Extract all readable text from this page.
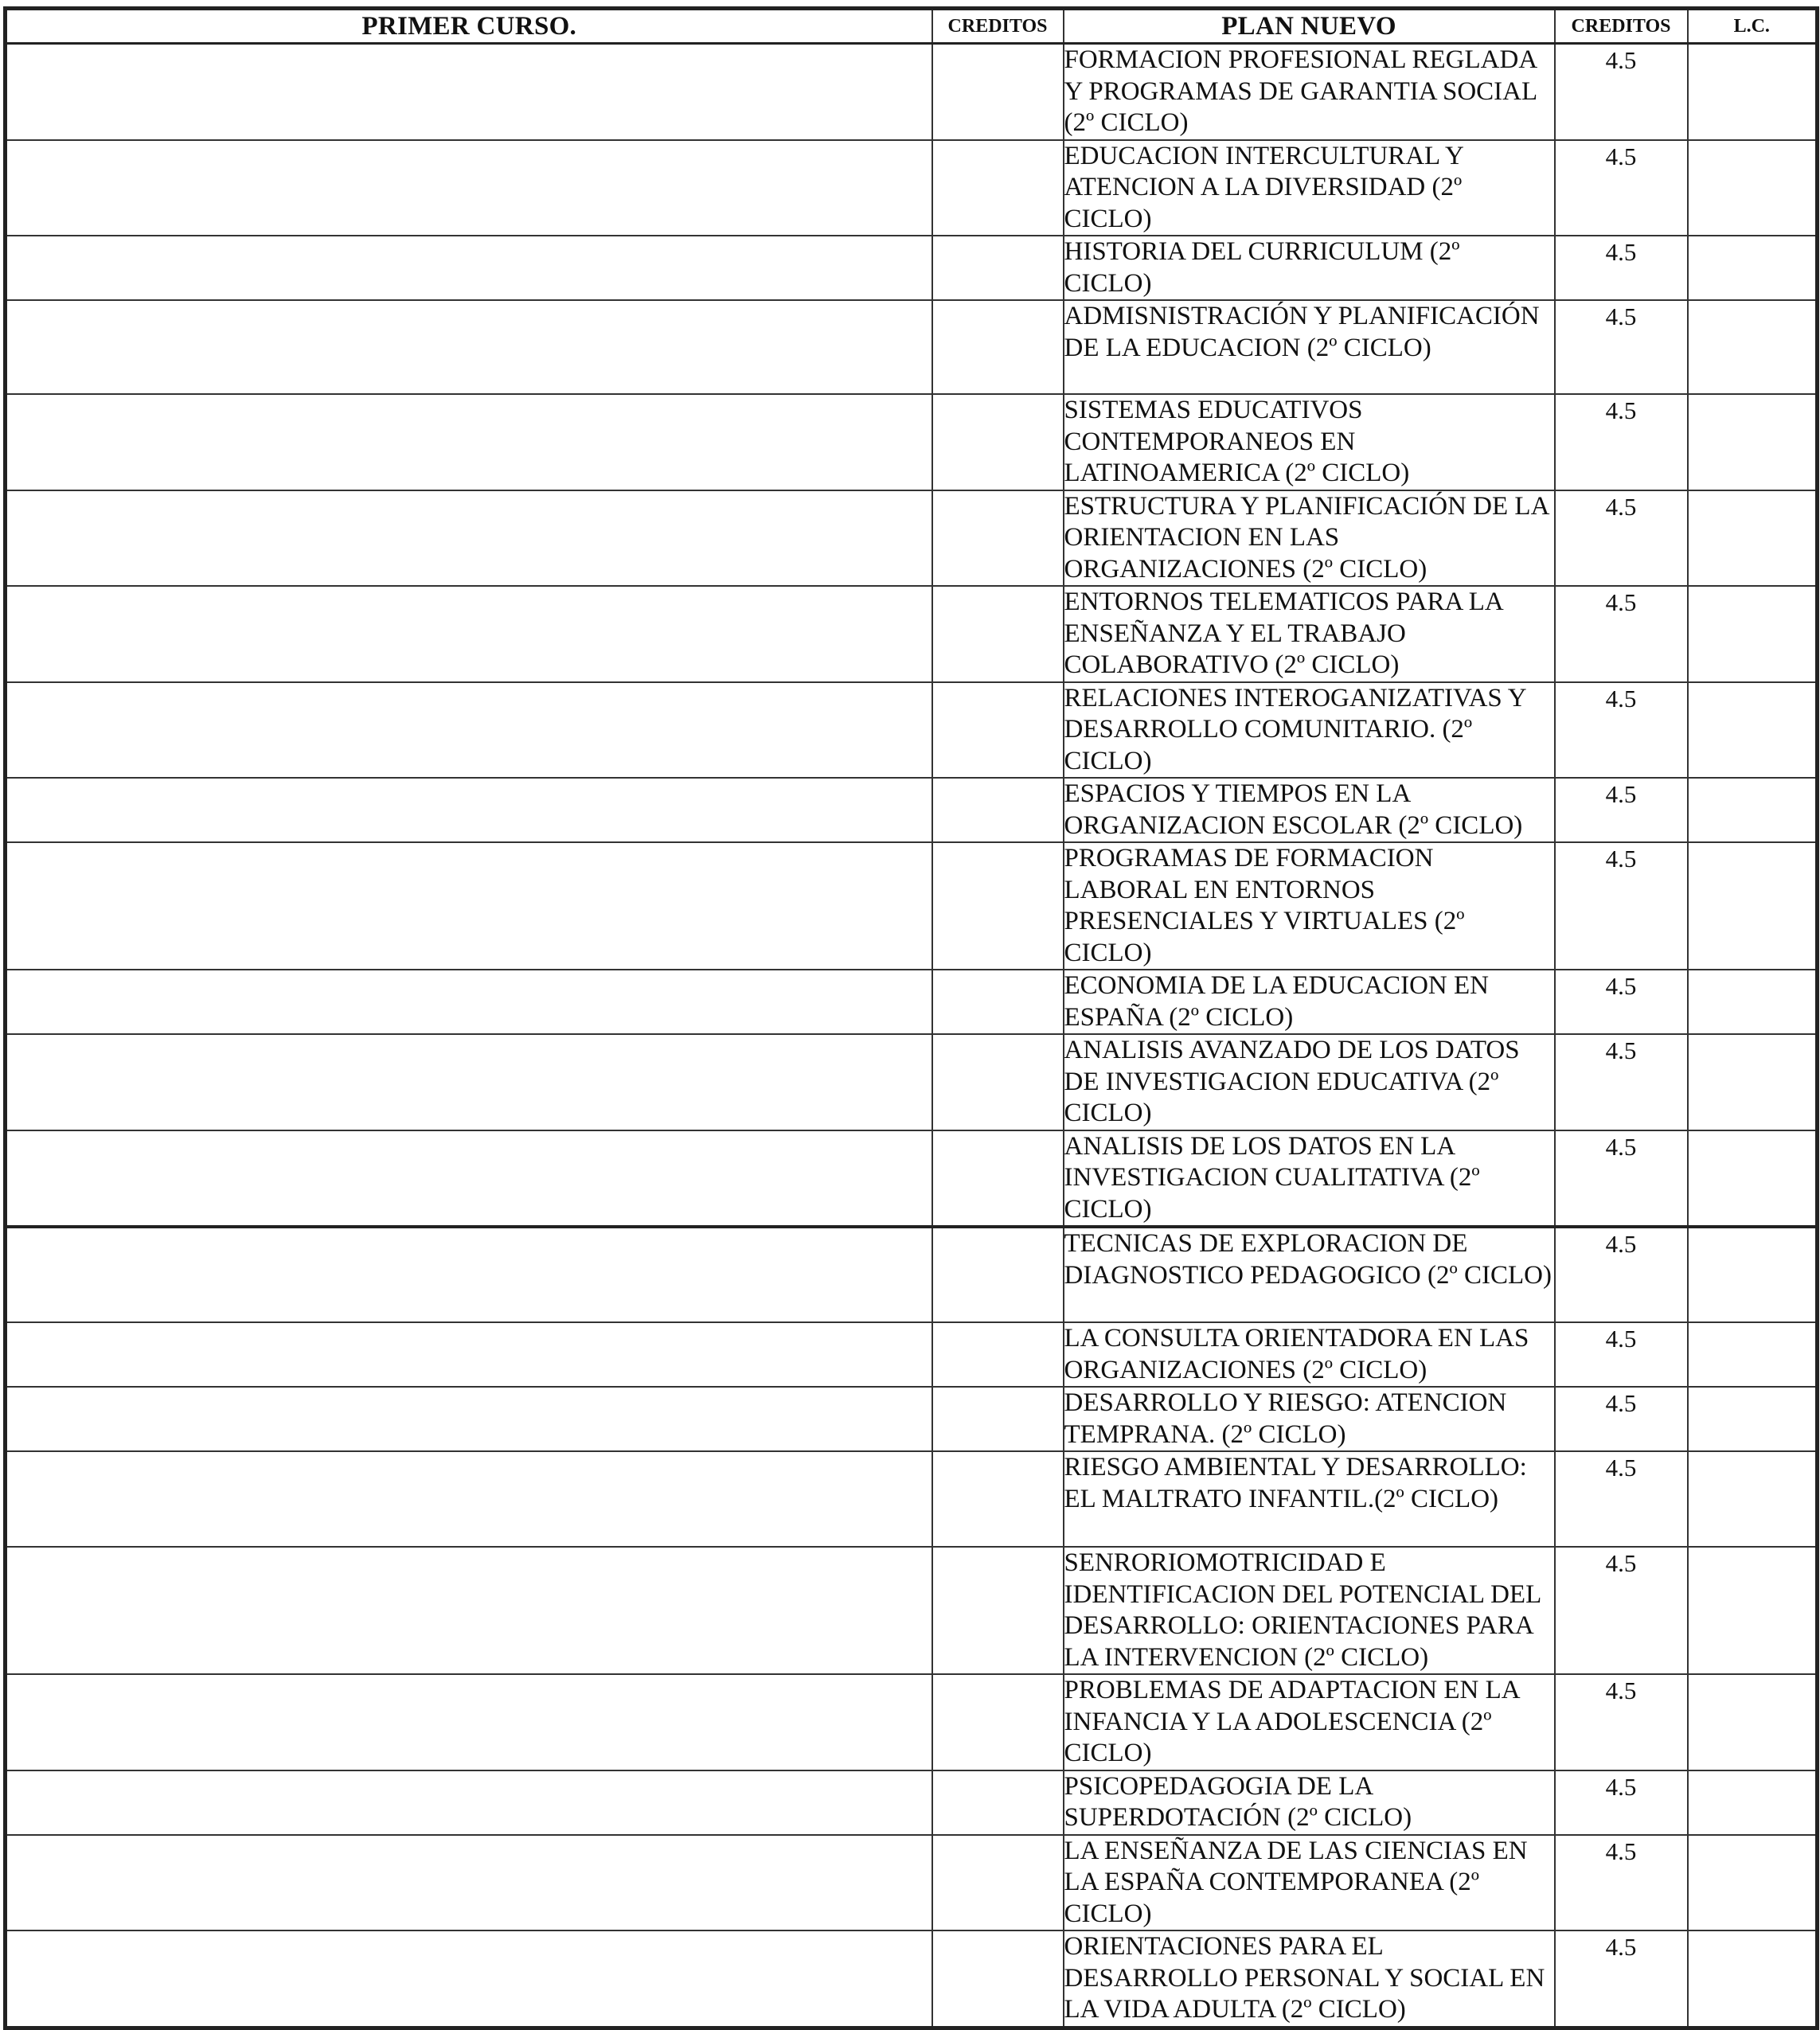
PRIMER CURSO.	CREDITOS	PLAN NUEVO	CREDITOS	L.C.
		FORMACION PROFESIONAL REGLADA Y PROGRAMAS DE GARANTIA SOCIAL (2º CICLO)	4.5	
		EDUCACION INTERCULTURAL Y ATENCION A LA DIVERSIDAD (2º CICLO)	4.5	
		HISTORIA DEL CURRICULUM (2º CICLO)	4.5	
		ADMISNISTRACIÓN Y PLANIFICACIÓN DE LA EDUCACION (2º CICLO)	4.5	
		SISTEMAS EDUCATIVOS CONTEMPORANEOS EN LATINOAMERICA (2º CICLO)	4.5	
		ESTRUCTURA Y PLANIFICACIÓN DE LA ORIENTACION EN LAS ORGANIZACIONES (2º CICLO)	4.5	
		ENTORNOS TELEMATICOS PARA LA ENSEÑANZA Y EL TRABAJO COLABORATIVO (2º CICLO)	4.5	
		RELACIONES INTEROGANIZATIVAS Y DESARROLLO COMUNITARIO. (2º CICLO)	4.5	
		ESPACIOS Y TIEMPOS EN LA ORGANIZACION ESCOLAR (2º CICLO)	4.5	
		PROGRAMAS DE FORMACION LABORAL EN ENTORNOS PRESENCIALES Y VIRTUALES (2º CICLO)	4.5	
		ECONOMIA DE LA EDUCACION EN ESPAÑA (2º CICLO)	4.5	
		ANALISIS AVANZADO DE LOS DATOS DE INVESTIGACION EDUCATIVA (2º CICLO)	4.5	
		ANALISIS DE LOS DATOS EN LA INVESTIGACION CUALITATIVA (2º CICLO)	4.5	
		TECNICAS DE EXPLORACION DE DIAGNOSTICO PEDAGOGICO (2º CICLO)	4.5	
		LA CONSULTA ORIENTADORA EN LAS ORGANIZACIONES (2º CICLO)	4.5	
		DESARROLLO Y RIESGO: ATENCION TEMPRANA. (2º CICLO)	4.5	
		RIESGO AMBIENTAL Y DESARROLLO: EL MALTRATO INFANTIL.(2º CICLO)	4.5	
		SENRORIOMOTRICIDAD E IDENTIFICACION DEL POTENCIAL DEL DESARROLLO: ORIENTACIONES PARA LA INTERVENCION (2º CICLO)	4.5	
		PROBLEMAS DE ADAPTACION EN LA INFANCIA Y LA ADOLESCENCIA (2º CICLO)	4.5	
		PSICOPEDAGOGIA DE LA SUPERDOTACIÓN (2º CICLO)	4.5	
		LA ENSEÑANZA DE LAS CIENCIAS EN LA ESPAÑA CONTEMPORANEA (2º CICLO)	4.5	
		ORIENTACIONES PARA EL DESARROLLO PERSONAL Y SOCIAL EN LA VIDA ADULTA (2º CICLO)	4.5	
